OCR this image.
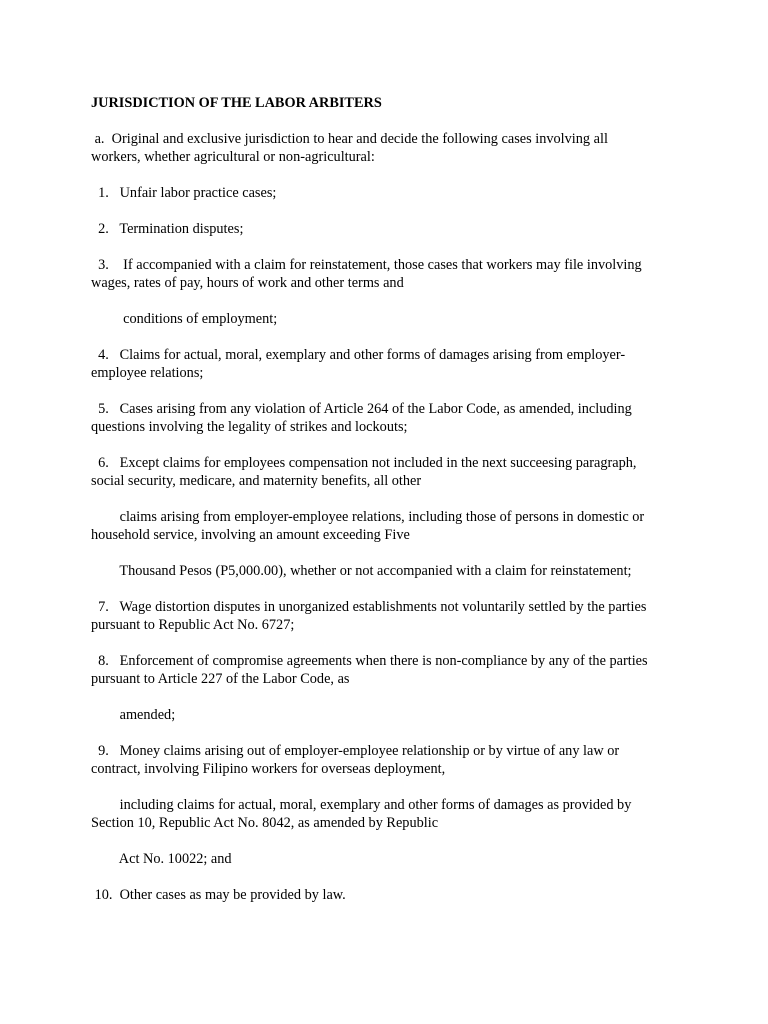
JURISDICTION OF THE LABOR ARBITERS
a.  Original and exclusive jurisdiction to hear and decide the following cases involving all
workers, whether agricultural or non-agricultural:
1.   Unfair labor practice cases;
2.   Termination disputes;
3.    If accompanied with a claim for reinstatement, those cases that workers may file involving
wages, rates of pay, hours of work and other terms and
conditions of employment;
4.   Claims for actual, moral, exemplary and other forms of damages arising from employer-
employee relations;
5.   Cases arising from any violation of Article 264 of the Labor Code, as amended, including
questions involving the legality of strikes and lockouts;
6.   Except claims for employees compensation not included in the next succeesing paragraph,
social security, medicare, and maternity benefits, all other
claims arising from employer-employee relations, including those of persons in domestic or
household service, involving an amount exceeding Five
Thousand Pesos (P5,000.00), whether or not accompanied with a claim for reinstatement;
7.   Wage distortion disputes in unorganized establishments not voluntarily settled by the parties
pursuant to Republic Act No. 6727;
8.   Enforcement of compromise agreements when there is non-compliance by any of the parties
pursuant to Article 227 of the Labor Code, as
amended;
9.   Money claims arising out of employer-employee relationship or by virtue of any law or
contract, involving Filipino workers for overseas deployment,
including claims for actual, moral, exemplary and other forms of damages as provided by
Section 10, Republic Act No. 8042, as amended by Republic
Act No. 10022; and
10.  Other cases as may be provided by law.
